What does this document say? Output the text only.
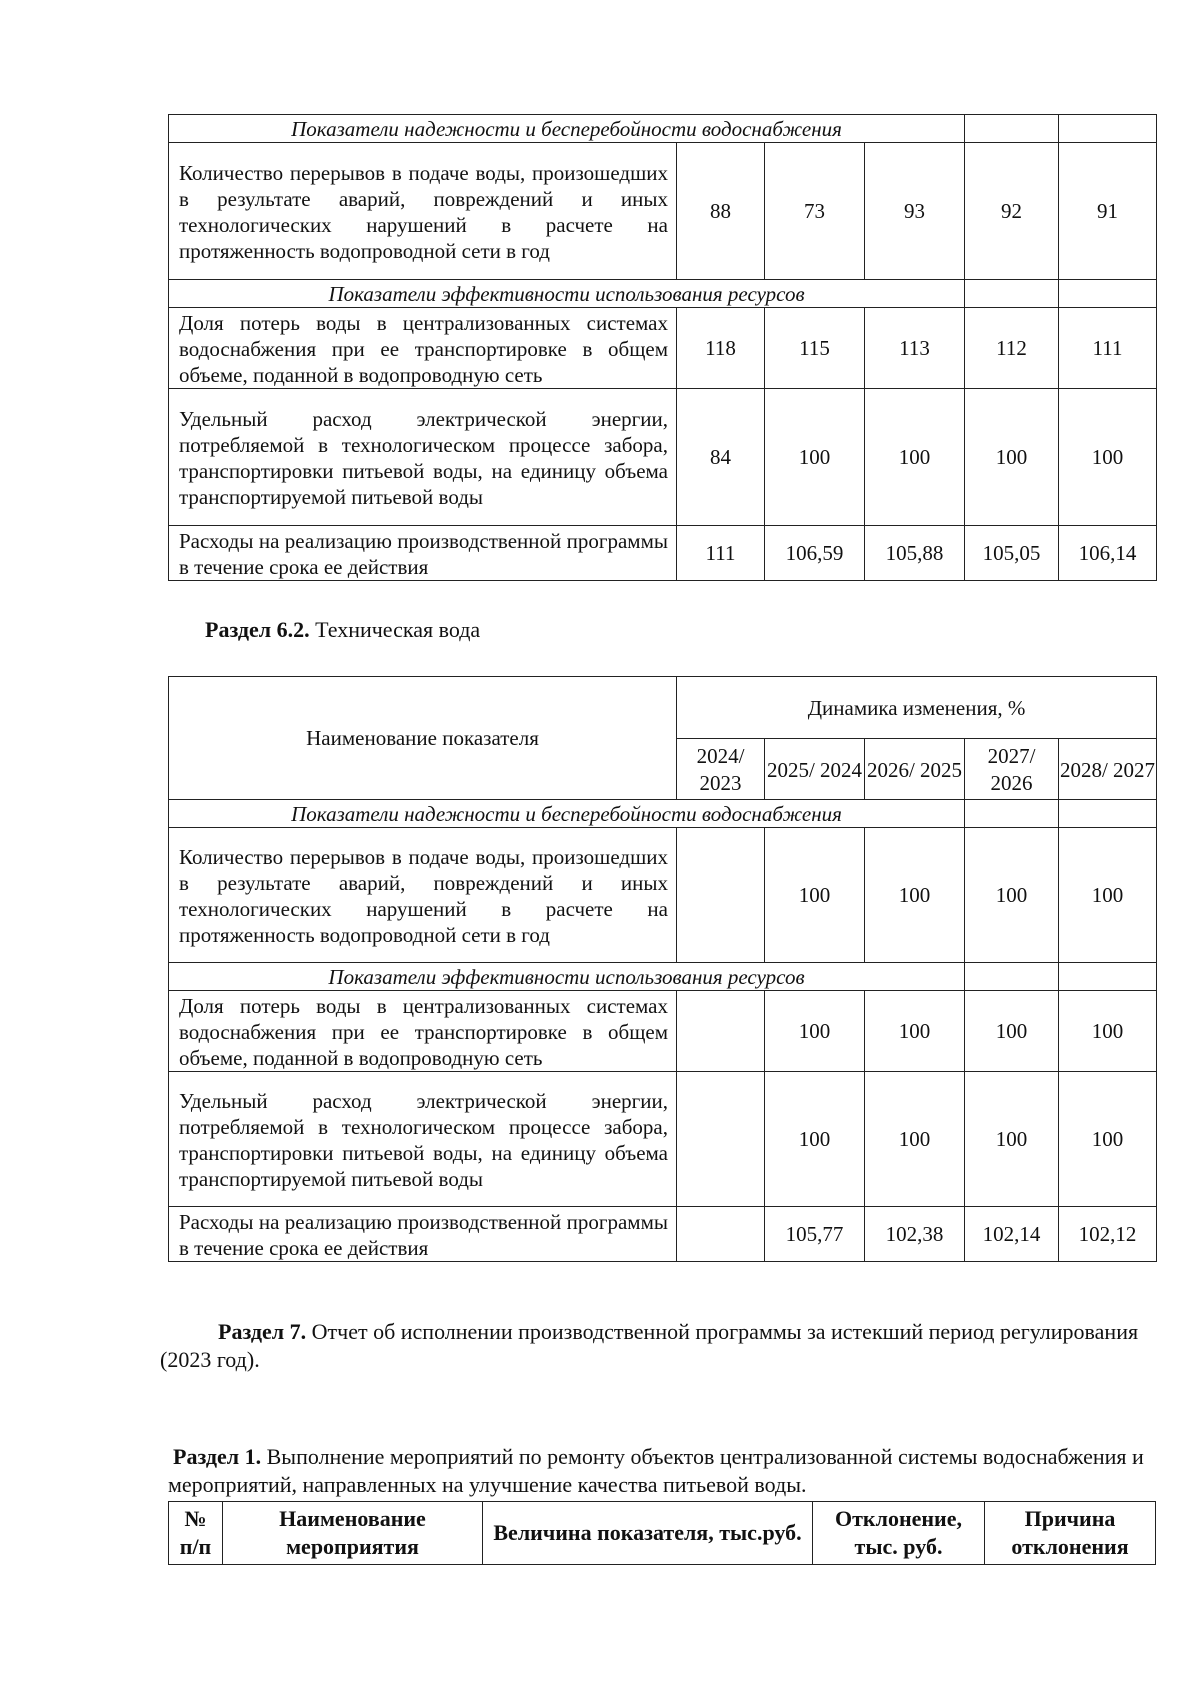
Показатели надежности и бесперебойности водоснабжения					
Количество перерывов в подаче воды, произошедших в результате аварий, повреждений и иных технологических нарушений в расчете на протяженность водопроводной сети в год	88	73	93	92	91
Показатели эффективности использования ресурсов					
Доля потерь воды в централизованных системах водоснабжения при ее транспортировке в общем объеме, поданной в водопроводную сеть	118	115	113	112	111
Удельный расход электрической энергии, потребляемой в технологическом процессе забора, транспортировки питьевой воды, на единицу объема транспортируемой питьевой воды	84	100	100	100	100
Расходы на реализацию производственной программы в течение срока ее действия	111	106,59	105,88	105,05	106,14
Раздел 6.2. Техническая вода
Наименование показателя	Динамика изменения, %				
	2024/ 2023	2025/ 2024	2026/ 2025	2027/ 2026	2028/ 2027
Показатели надежности и бесперебойности водоснабжения					
Количество перерывов в подаче воды, произошедших в результате аварий, повреждений и иных технологических нарушений в расчете на протяженность водопроводной сети в год		100	100	100	100
Показатели эффективности использования ресурсов					
Доля потерь воды в централизованных системах водоснабжения при ее транспортировке в общем объеме, поданной в водопроводную сеть		100	100	100	100
Удельный расход электрической энергии, потребляемой в технологическом процессе забора, транспортировки питьевой воды, на единицу объема транспортируемой питьевой воды		100	100	100	100
Расходы на реализацию производственной программы в течение срока ее действия		105,77	102,38	102,14	102,12
Раздел 7. Отчет об исполнении производственной программы за истекший период регулирования (2023 год).
Раздел 1. Выполнение мероприятий по ремонту объектов централизованной системы водоснабжения и мероприятий, направленных на улучшение качества питьевой воды.
№ п/п	Наименование мероприятия	Величина показателя, тыс.руб.	Отклонение, тыс. руб.	Причина отклонения
